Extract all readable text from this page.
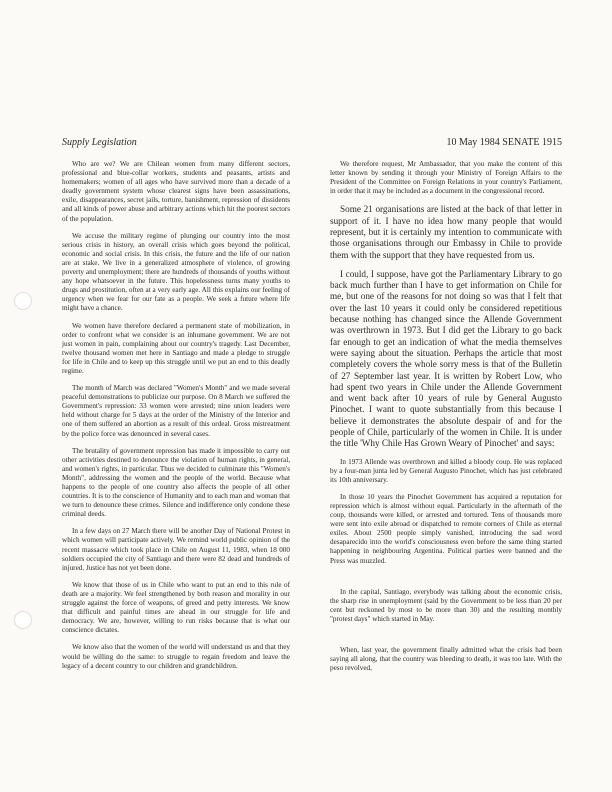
Supply Legislation	10 May 1984 SENATE 1915

Who are we? We are Chilean women from many different sectors, professional and blue-collar workers, students and peasants, artists and homemakers; women of all ages who have survived more than a decade of a deadly government system whose clearest signs have been assassinations, exile, disappearances, secret jails, torture, banishment, repression of dissidents and all kinds of power abuse and arbitrary actions which hit the poorest sectors of the population.

We accuse the military regime of plunging our country into the most serious crisis in history, an overall crisis which goes beyond the political, economic and social crisis. In this crisis, the future and the life of our nation are at stake. We live in a generalized atmosphere of violence, of growing poverty and unemployment; there are hundreds of thousands of youths without any hope whatsoever in the future. This hopelessness turns many youths to drugs and prostitution, often at a very early age. All this explains our feeling of urgency when we fear for our fate as a people. We seek a future where life might have a chance.

We women have therefore declared a permanent state of mobilization, in order to confront what we consider is an inhumane government. We are not just women in pain, complaining about our country's tragedy. Last December, twelve thousand women met here in Santiago and made a pledge to struggle for life in Chile and to keep up this struggle until we put an end to this deadly regime.

The month of March was declared "Women's Month" and we made several peaceful demonstrations to publicize our purpose. On 8 March we suffered the Government's repression: 33 women were arrested; nine union leaders were held without charge for 5 days at the order of the Ministry of the Interior and one of them suffered an abortion as a result of this ordeal. Gross mistreatment by the police force was denounced in several cases.

The brutality of government repression has made it impossible to carry out other activities destined to denounce the violation of human rights, in general, and women's rights, in particular. Thus we decided to culminate this "Women's Month", addressing the women and the people of the world. Because what happens to the people of one country also affects the people of all other countries. It is to the conscience of Humanity and to each man and woman that we turn to denounce these crimes. Silence and indifference only condone these criminal deeds.

In a few days on 27 March there will be another Day of National Protest in which women will participate actively. We remind world public opinion of the recent massacre which took place in Chile on August 11, 1983, when 18 000 soldiers occupied the city of Santiago and there were 82 dead and hundreds of injured. Justice has not yet been done.

We know that those of us in Chile who want to put an end to this rule of death are a majority. We feel strengthened by both reason and morality in our struggle against the force of weapons, of greed and petty interests. We know that difficult and painful times are ahead in our struggle for life and democracy. We are, however, willing to run risks because that is what our conscience dictates.

We know also that the women of the world will understand us and that they would be willing do the same: to struggle to regain freedom and leave the legacy of a decent country to our children and grandchildren.

We therefore request, Mr Ambassador, that you make the content of this letter known by sending it through your Ministry of Foreign Affairs to the President of the Committee on Foreign Relations in your country's Parliament, in order that it may be included as a document in the congressional record.

Some 21 organisations are listed at the back of that letter in support of it. I have no idea how many people that would represent, but it is certainly my intention to communicate with those organisations through our Embassy in Chile to provide them with the support that they have requested from us.

I could, I suppose, have got the Parliamentary Library to go back much further than I have to get information on Chile for me, but one of the reasons for not doing so was that I felt that over the last 10 years it could only be considered repetitious because nothing has changed since the Allende Government was overthrown in 1973. But I did get the Library to go back far enough to get an indication of what the media themselves were saying about the situation. Perhaps the article that most completely covers the whole sorry mess is that of the Bulletin of 27 September last year. It is written by Robert Low, who had spent two years in Chile under the Allende Government and went back after 10 years of rule by General Augusto Pinochet. I want to quote substantially from this because I believe it demonstrates the absolute despair of and for the people of Chile, particularly of the women in Chile. It is under the title 'Why Chile Has Grown Weary of Pinochet' and says:

In 1973 Allende was overthrown and killed a bloody coup. He was replaced by a four-man junta led by General Augusto Pinochet, which has just celebrated its 10th anniversary.

In those 10 years the Pinochet Government has acquired a reputation for repression which is almost without equal. Particularly in the aftermath of the coup, thousands were killed, or arrested and tortured. Tens of thousands more were sent into exile abroad or dispatched to remote corners of Chile as eternal exiles. About 2500 people simply vanished, introducing the sad word desaparecido into the world's consciousness even before the same thing started happening in neighbouring Argentina. Political parties were banned and the Press was muzzled.

In the capital, Santiago, everybody was talking about the economic crisis, the sharp rise in unemployment (said by the Government to be less than 20 per cent but reckoned by most to be more than 30) and the resulting monthly "protest days" which started in May.

When, last year, the government finally admitted what the crisis had been saying all along, that the country was bleeding to death, it was too late. With the peso revolved,
